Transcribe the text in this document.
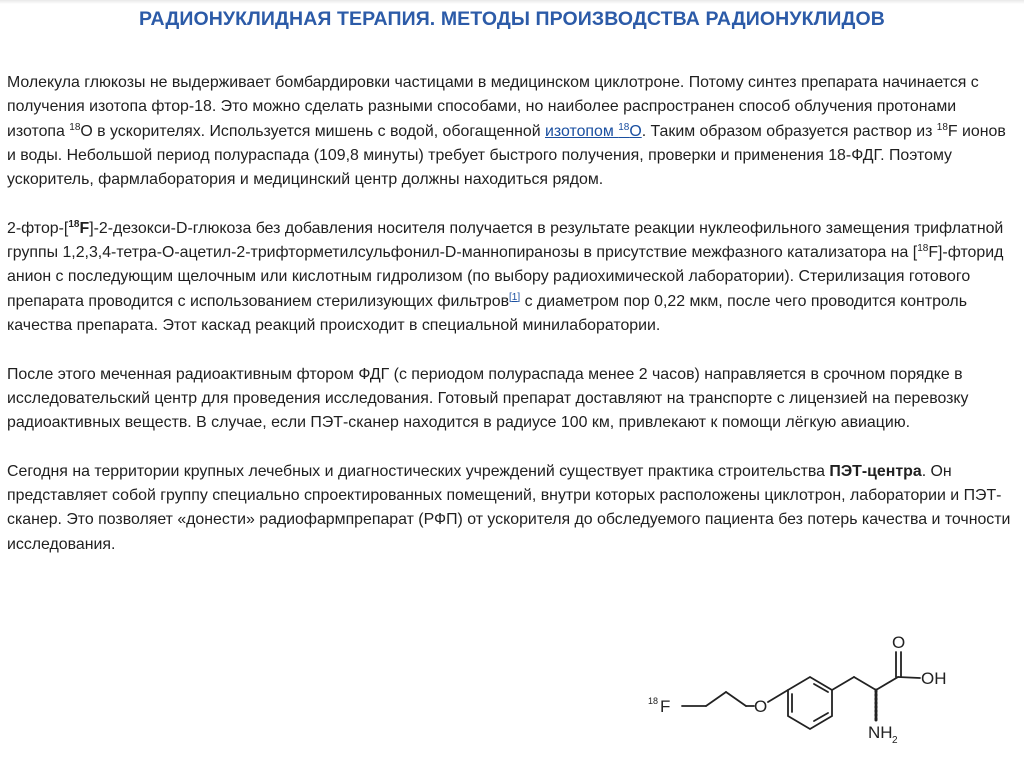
РАДИОНУКЛИДНАЯ ТЕРАПИЯ. МЕТОДЫ ПРОИЗВОДСТВА РАДИОНУКЛИДОВ

Молекула глюкозы не выдерживает бомбардировки частицами в медицинском циклотроне. Потому синтез препарата начинается с получения изотопа фтор-18. Это можно сделать разными способами, но наиболее распространен способ облучения протонами изотопа $^{18}$O в ускорителях. Используется мишень с водой, обогащенной изотопом $^{18}$O. Таким образом образуется раствор из $^{18}$F ионов и воды. Небольшой период полураспада (109,8 минуты) требует быстрого получения, проверки и применения 18-ФДГ. Поэтому ускоритель, фармлаборатория и медицинский центр должны находиться рядом.

2-фтор-[$^{18}$F]-2-дезокси-D-глюкоза без добавления носителя получается в результате реакции нуклеофильного замещения трифлатной группы 1,2,3,4-тетра-O-ацетил-2-трифторметилсульфонил-D-маннопиранозы в присутствие межфазного катализатора на [$^{18}$F]-фторид анион с последующим щелочным или кислотным гидролизом (по выбору радиохимической лаборатории). Стерилизация готового препарата проводится с использованием стерилизующих фильтров[1] с диаметром пор 0,22 мкм, после чего проводится контроль качества препарата. Этот каскад реакций происходит в специальной минилаборатории.

После этого меченная радиоактивным фтором ФДГ (с периодом полураспада менее 2 часов) направляется в срочном порядке в исследовательский центр для проведения исследования. Готовый препарат доставляют на транспорте с лицензией на перевозку радиоактивных веществ. В случае, если ПЭТ-сканер находится в радиусе 100 км, привлекают к помощи лёгкую авиацию.

Сегодня на территории крупных лечебных и диагностических учреждений существует практика строительства ПЭТ-центра. Он представляет собой группу специально спроектированных помещений, внутри которых расположены циклотрон, лаборатории и ПЭТ-сканер. Это позволяет «донести» радиофармпрепарат (РФП) от ускорителя до обследуемого пациента без потерь качества и точности исследования.

18 F	O
O
OH
NH 2
